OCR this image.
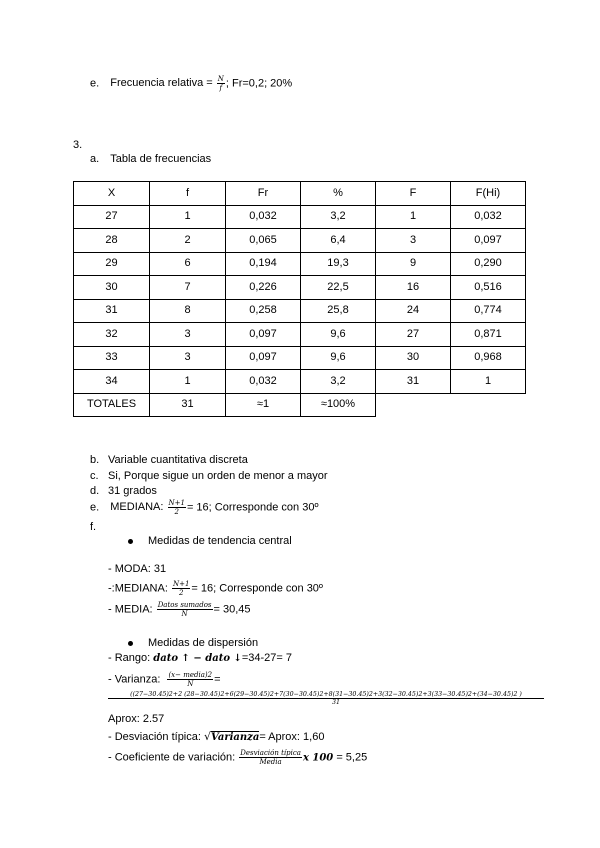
e. Frecuencia relativa = $\frac{N}{f}$ ; Fr=0,2; 20%
3.
a. Tabla de frecuencias
X	f	Fr	%	F	F(Hi)
27	1	0,032	3,2	1	0,032
28	2	0,065	6,4	3	0,097
29	6	0,194	19,3	9	0,290
30	7	0,226	22,5	16	0,516
31	8	0,258	25,8	24	0,774
32	3	0,097	9,6	27	0,871
33	3	0,097	9,6	30	0,968
34	1	0,032	3,2	31	1
TOTALES	31	≈1	≈100%		
b. Variable cuantitativa discreta
c. Si, Porque sigue un orden de menor a mayor
d. 31 grados
e. MEDIANA: $\frac{N+1}{2} = 16$; Corresponde con 30º
f.
Medidas de tendencia central
- MODA: 31
-:MEDIANA: $\frac{N+1}{2} = 16$; Corresponde con 30º
- MEDIA: $\frac{\text{Datos sumados}}{N} = 30,45$
Medidas de dispersión
- Rango: dato ↑ − dato ↓=34-27= 7
- Varianza: $\frac{\text{(x− media)2}}{N}$ =
((27−30.45)2+2 (28−30.45)2+6(29−30.45)2+7(30−30.45)2+8(31−30.45)2+3(32−30.45)2+3(33−30.45)2+(34−30.45)2 )
31
Aprox: 2.57
- Desviación típica: √Varianza= Aprox: 1,60
- Coeficiente de variación: $\frac{\text{Desviación típica}}{\text{Media}}$ x 100 = 5,25
